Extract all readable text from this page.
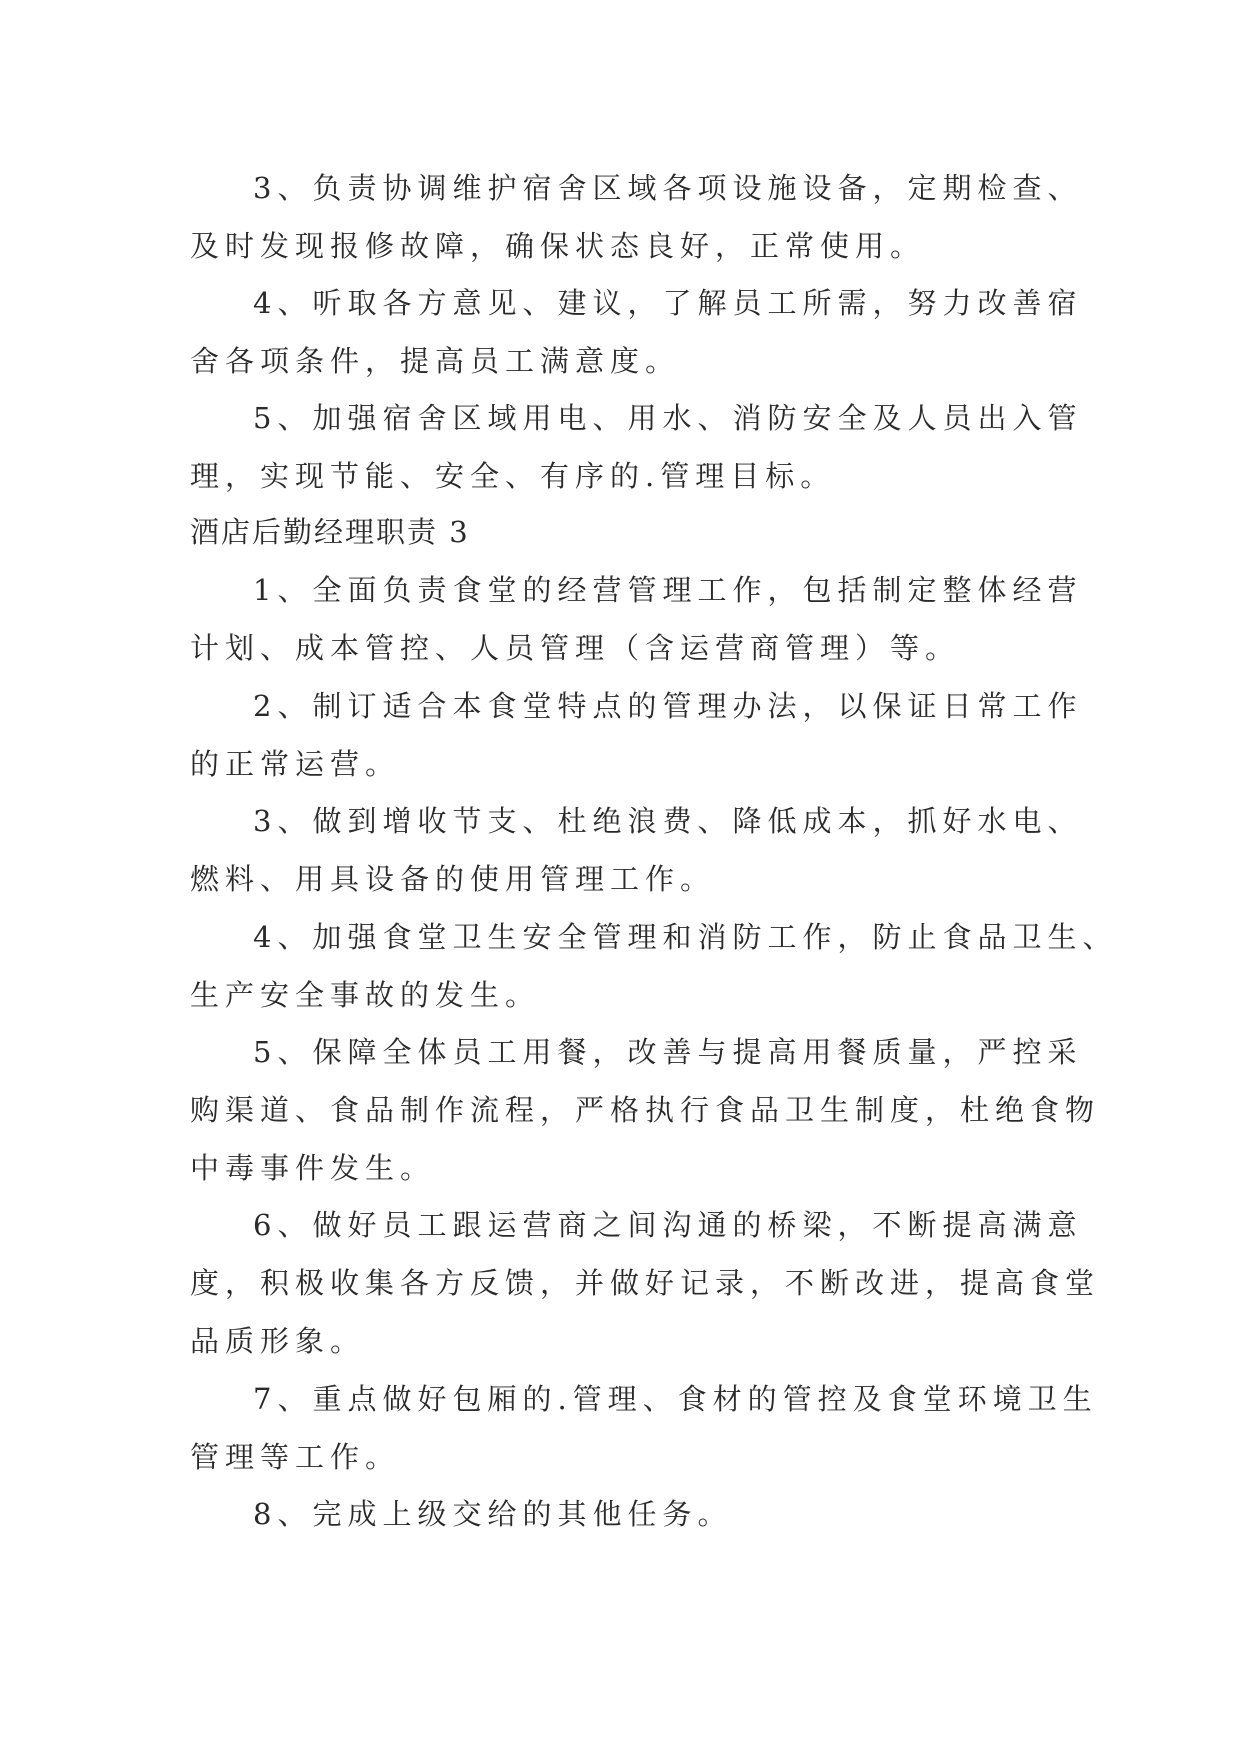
3、负责协调维护宿舍区域各项设施设备，定期检查、
及时发现报修故障，确保状态良好，正常使用。
4、听取各方意见、建议，了解员工所需，努力改善宿
舍各项条件，提高员工满意度。
5、加强宿舍区域用电、用水、消防安全及人员出入管
理，实现节能、安全、有序的.管理目标。
酒店后勤经理职责 3
1、全面负责食堂的经营管理工作，包括制定整体经营
计划、成本管控、人员管理（含运营商管理）等。
2、制订适合本食堂特点的管理办法，以保证日常工作
的正常运营。
3、做到增收节支、杜绝浪费、降低成本，抓好水电、
燃料、用具设备的使用管理工作。
4、加强食堂卫生安全管理和消防工作，防止食品卫生、
生产安全事故的发生。
5、保障全体员工用餐，改善与提高用餐质量，严控采
购渠道、食品制作流程，严格执行食品卫生制度，杜绝食物
中毒事件发生。
6、做好员工跟运营商之间沟通的桥梁，不断提高满意
度，积极收集各方反馈，并做好记录，不断改进，提高食堂
品质形象。
7、重点做好包厢的.管理、食材的管控及食堂环境卫生
管理等工作。
8、完成上级交给的其他任务。
